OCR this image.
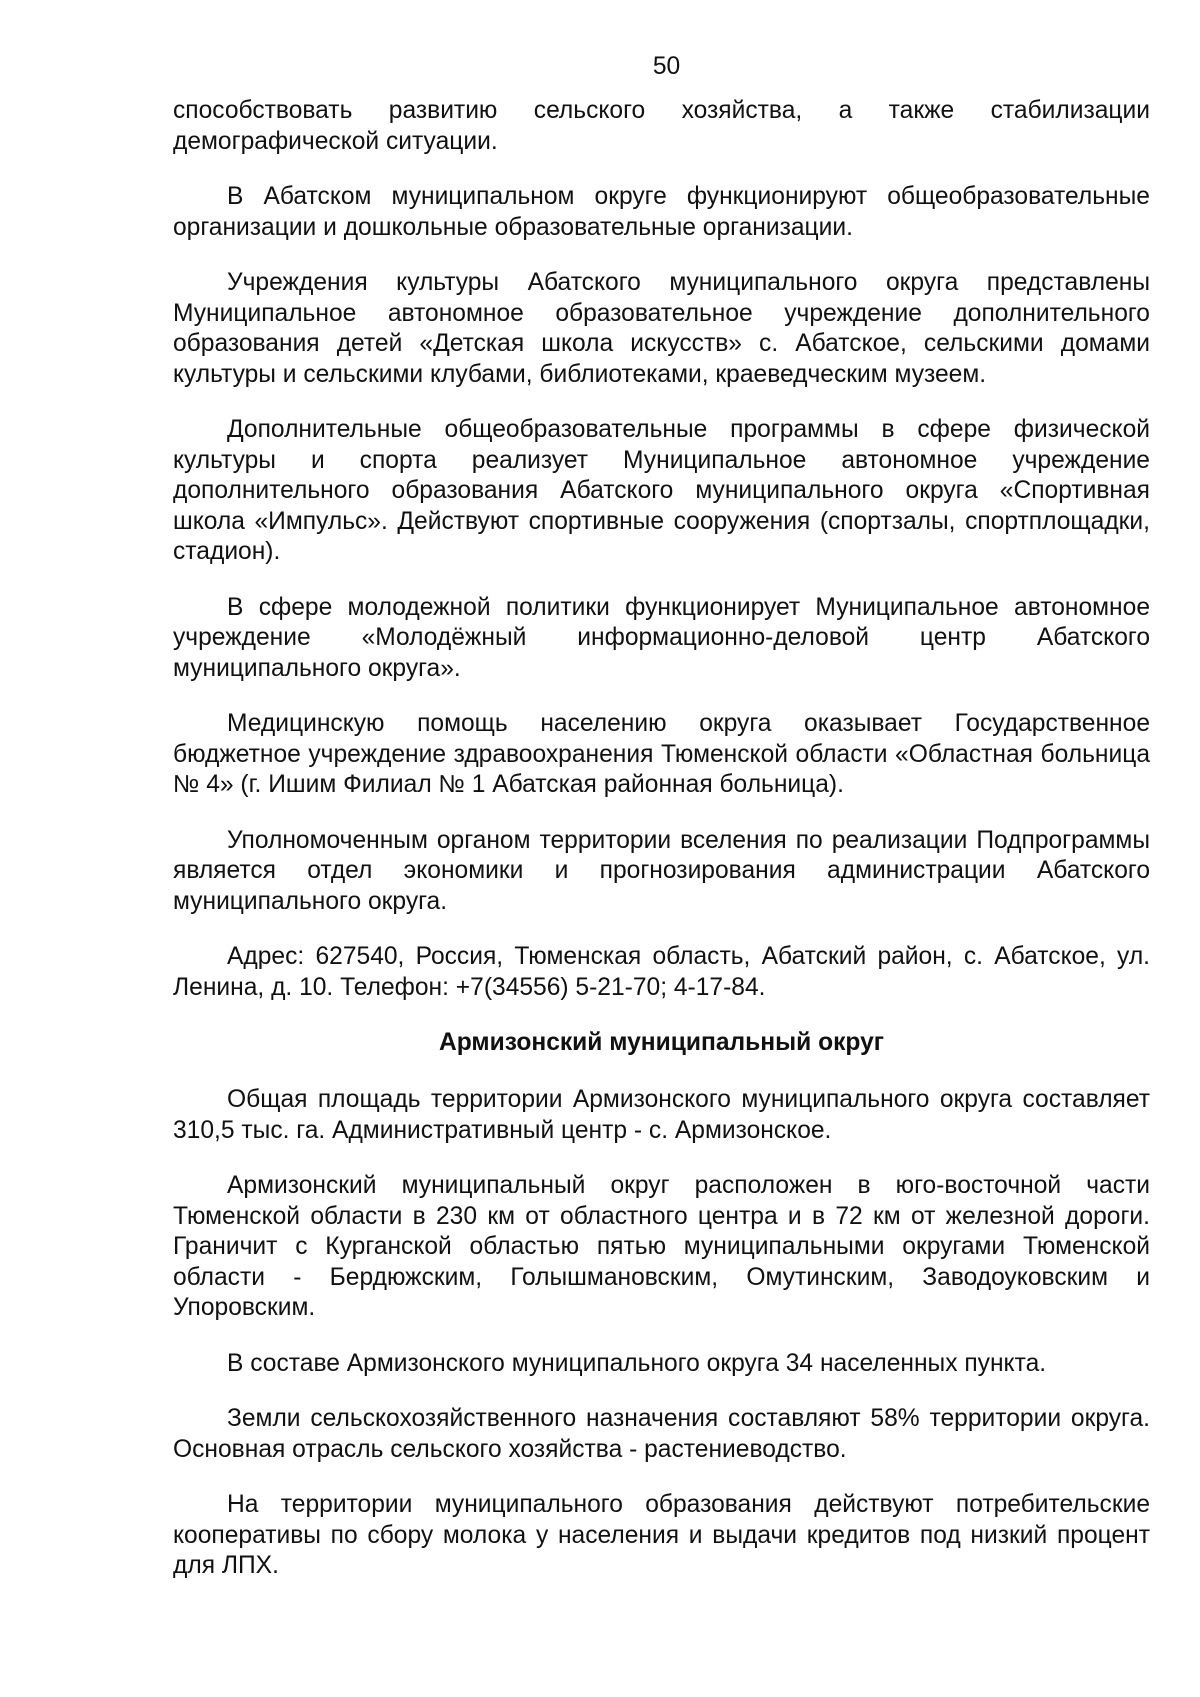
50

способствовать развитию сельского хозяйства, а также стабилизации демографической ситуации.

В Абатском муниципальном округе функционируют общеобразовательные организации и дошкольные образовательные организации.

Учреждения культуры Абатского муниципального округа представлены Муниципальное автономное образовательное учреждение дополнительного образования детей «Детская школа искусств» с. Абатское, сельскими домами культуры и сельскими клубами, библиотеками, краеведческим музеем.

Дополнительные общеобразовательные программы в сфере физической культуры и спорта реализует Муниципальное автономное учреждение дополнительного образования Абатского муниципального округа «Спортивная школа «Импульс». Действуют спортивные сооружения (спортзалы, спортплощадки, стадион).

В сфере молодежной политики функционирует Муниципальное автономное учреждение «Молодёжный информационно-деловой центр Абатского муниципального округа».

Медицинскую помощь населению округа оказывает Государственное бюджетное учреждение здравоохранения Тюменской области «Областная больница № 4» (г. Ишим Филиал № 1 Абатская районная больница).

Уполномоченным органом территории вселения по реализации Подпрограммы является отдел экономики и прогнозирования администрации Абатского муниципального округа.

Адрес: 627540, Россия, Тюменская область, Абатский район, с. Абатское, ул. Ленина, д. 10. Телефон: +7(34556) 5-21-70; 4-17-84.

Армизонский муниципальный округ

Общая площадь территории Армизонского муниципального округа составляет 310,5 тыс. га. Административный центр - с. Армизонское.

Армизонский муниципальный округ расположен в юго-восточной части Тюменской области в 230 км от областного центра и в 72 км от железной дороги. Граничит с Курганской областью пятью муниципальными округами Тюменской области - Бердюжским, Голышмановским, Омутинским, Заводоуковским и Упоровским.

В составе Армизонского муниципального округа 34 населенных пункта.

Земли сельскохозяйственного назначения составляют 58% территории округа. Основная отрасль сельского хозяйства - растениеводство.

На территории муниципального образования действуют потребительские кооперативы по сбору молока у населения и выдачи кредитов под низкий процент для ЛПХ.
